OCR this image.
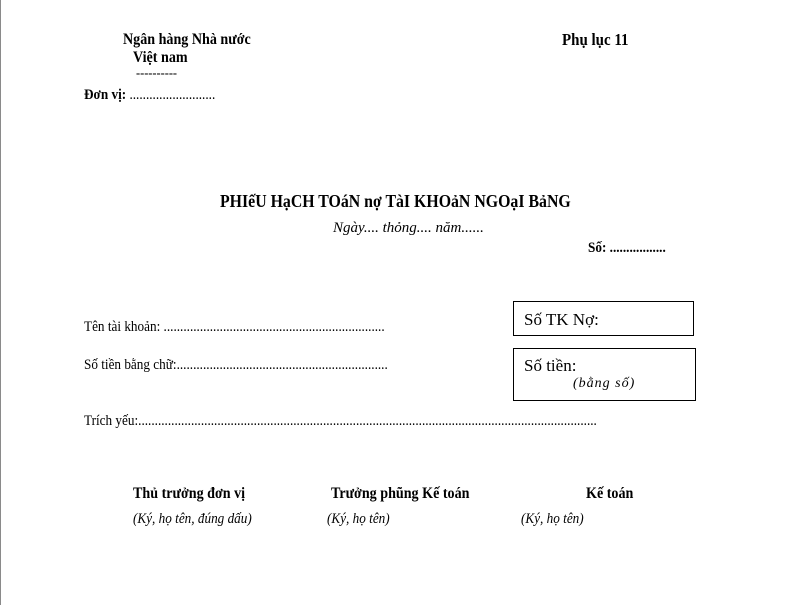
Ngân hàng Nhà nước
Việt nam
----------
Đơn vị: ..........................
Phụ lục 11
PHIếU HạCH TOáN nợ TàI KHOảN NGOạI BảNG
Ngày.... thỏng.... năm......
Số: .................
Tên tài khoản: ...................................................................
Số tiền bằng chữ:................................................................
Trích yếu:...........................................................................................................................................
Số TK Nợ:
Số tiền:
(bằng số)
Thủ trưởng đơn vị
(Ký, họ tên, đúng dấu)
Trưởng phũng Kế toán
(Ký, họ tên)
Kế toán
(Ký, họ tên)
